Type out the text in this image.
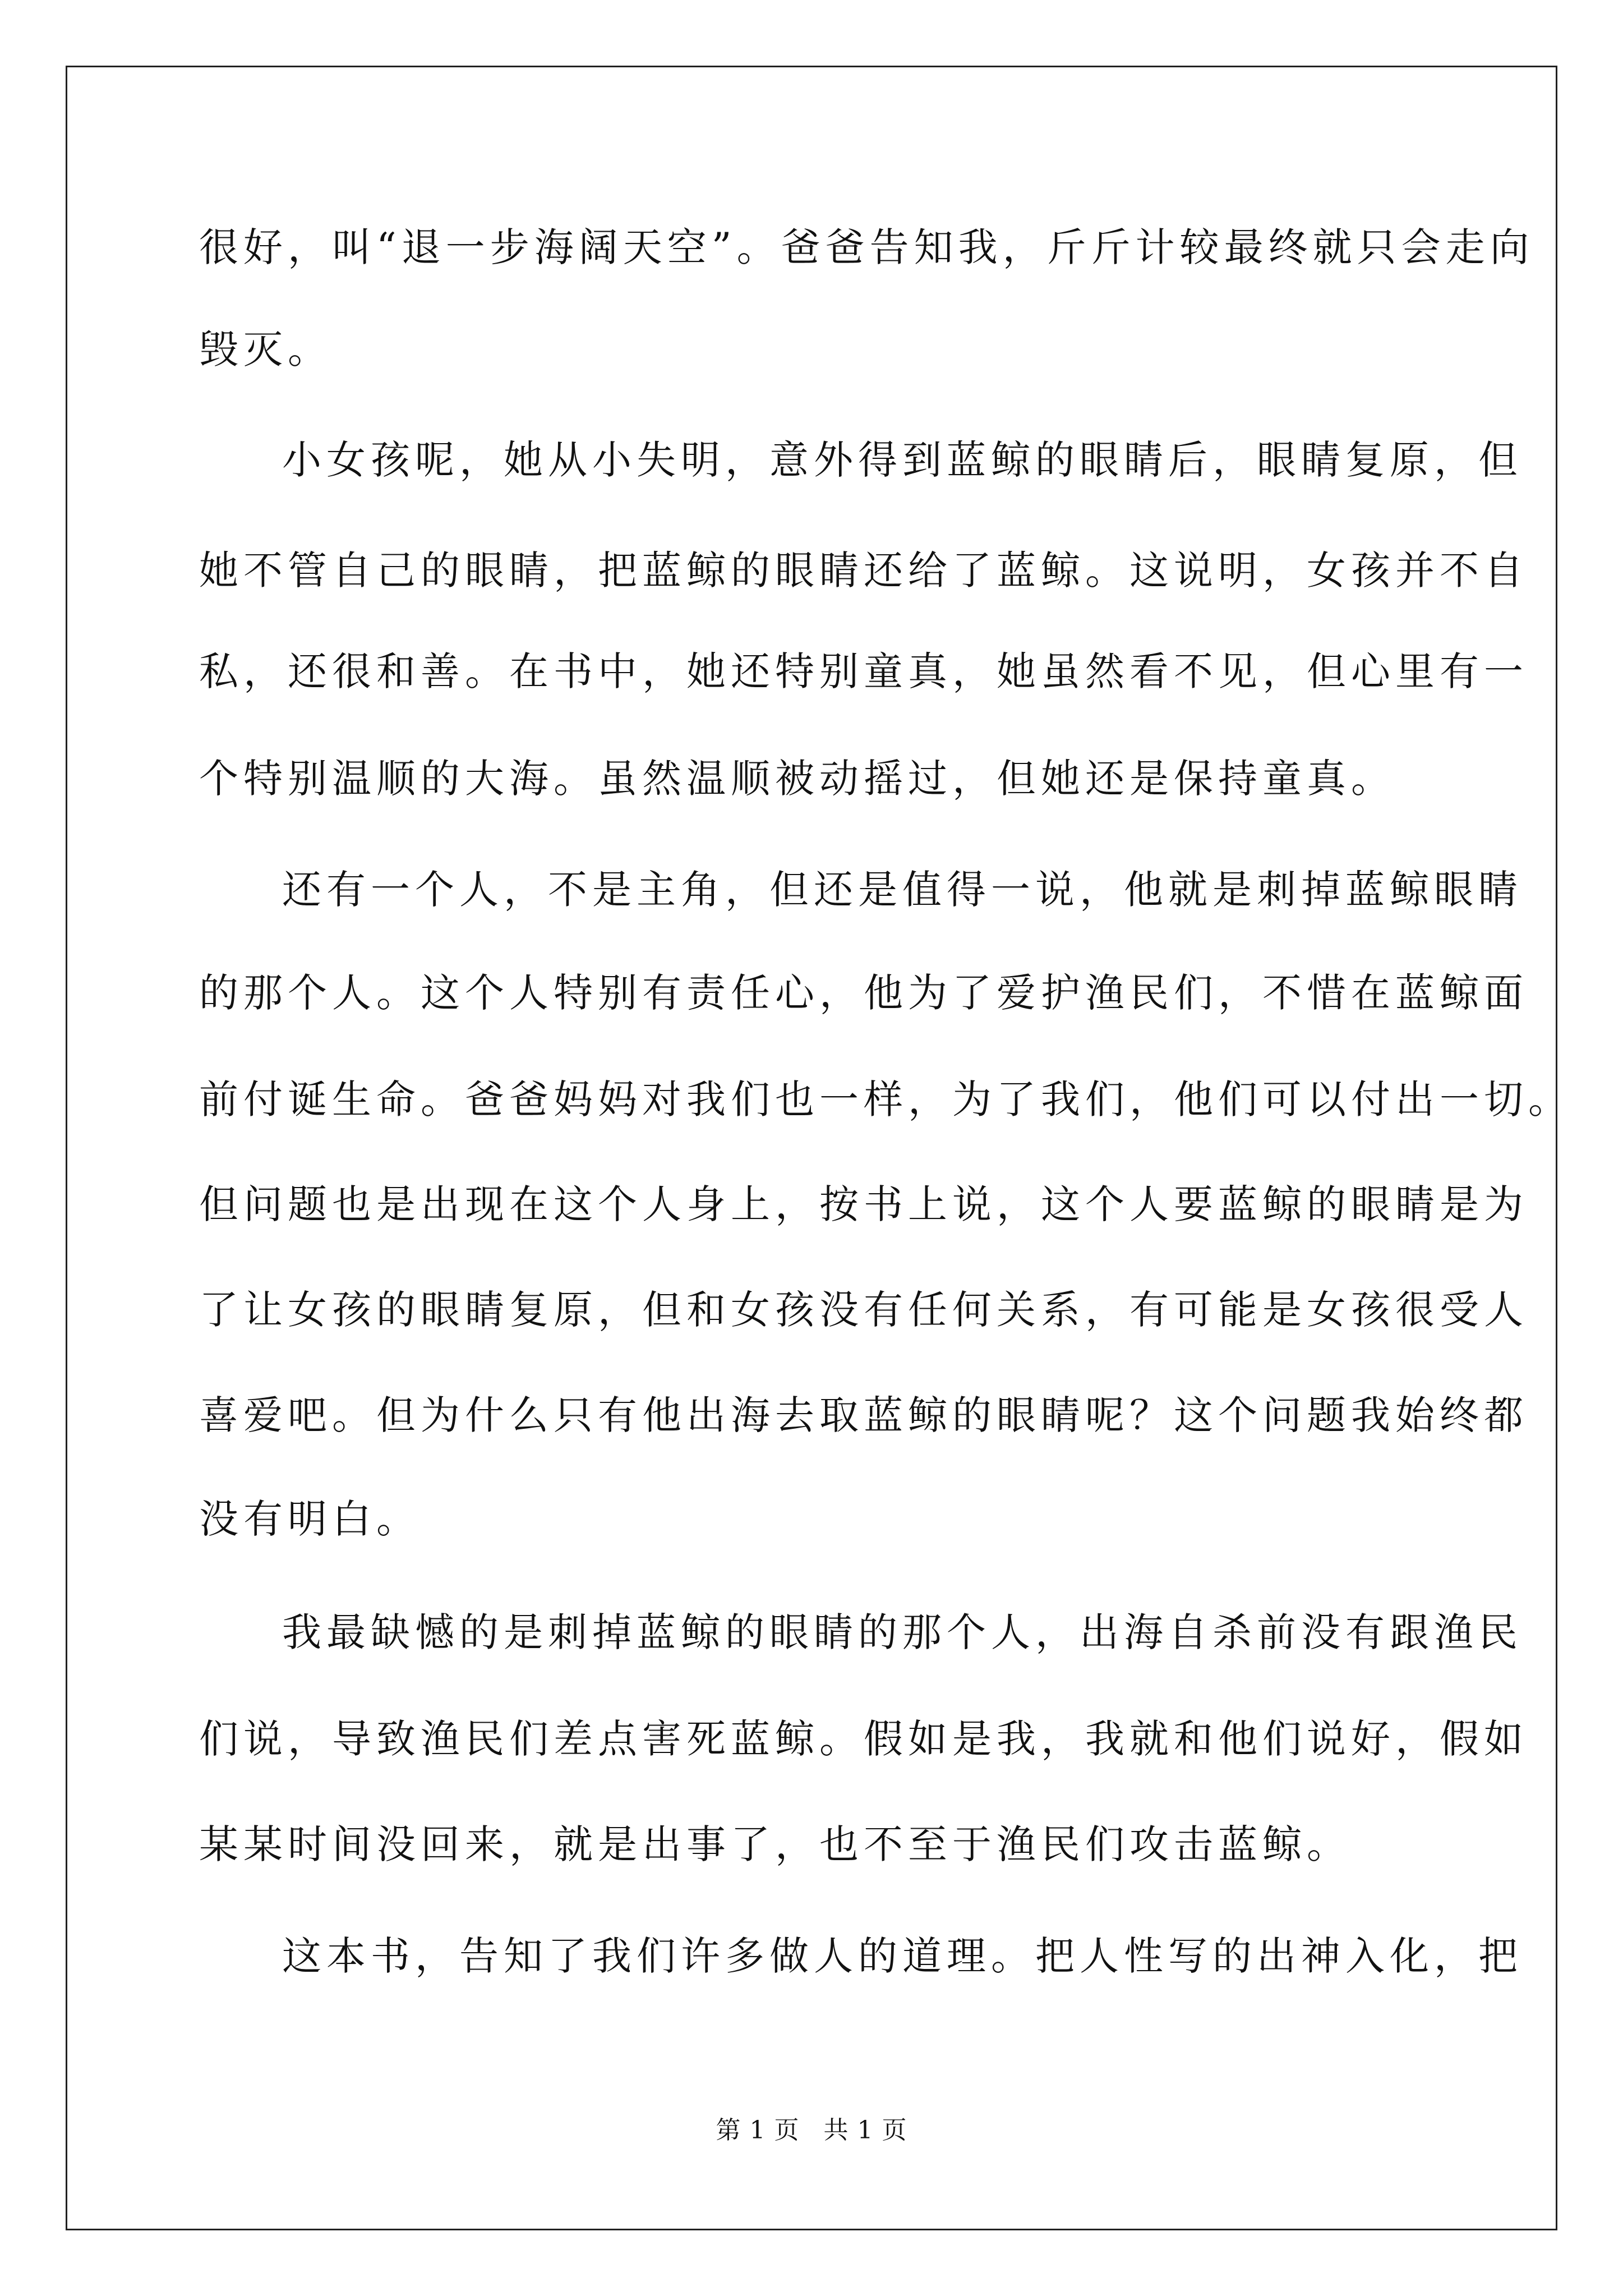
很好，叫“退一步海阔天空”。爸爸告知我，斤斤计较最终就只会走向
毁灭。
小女孩呢，她从小失明，意外得到蓝鲸的眼睛后，眼睛复原，但
她不管自己的眼睛，把蓝鲸的眼睛还给了蓝鲸。这说明，女孩并不自
私，还很和善。在书中，她还特别童真，她虽然看不见，但心里有一
个特别温顺的大海。虽然温顺被动摇过，但她还是保持童真。
还有一个人，不是主角，但还是值得一说，他就是刺掉蓝鲸眼睛
的那个人。这个人特别有责任心，他为了爱护渔民们，不惜在蓝鲸面
前付诞生命。爸爸妈妈对我们也一样，为了我们，他们可以付出一切。
但问题也是出现在这个人身上，按书上说，这个人要蓝鲸的眼睛是为
了让女孩的眼睛复原，但和女孩没有任何关系，有可能是女孩很受人
喜爱吧。但为什么只有他出海去取蓝鲸的眼睛呢？这个问题我始终都
没有明白。
我最缺憾的是刺掉蓝鲸的眼睛的那个人，出海自杀前没有跟渔民
们说，导致渔民们差点害死蓝鲸。假如是我，我就和他们说好，假如
某某时间没回来，就是出事了，也不至于渔民们攻击蓝鲸。
这本书，告知了我们许多做人的道理。把人性写的出神入化，把
第 1 页 共 1 页
